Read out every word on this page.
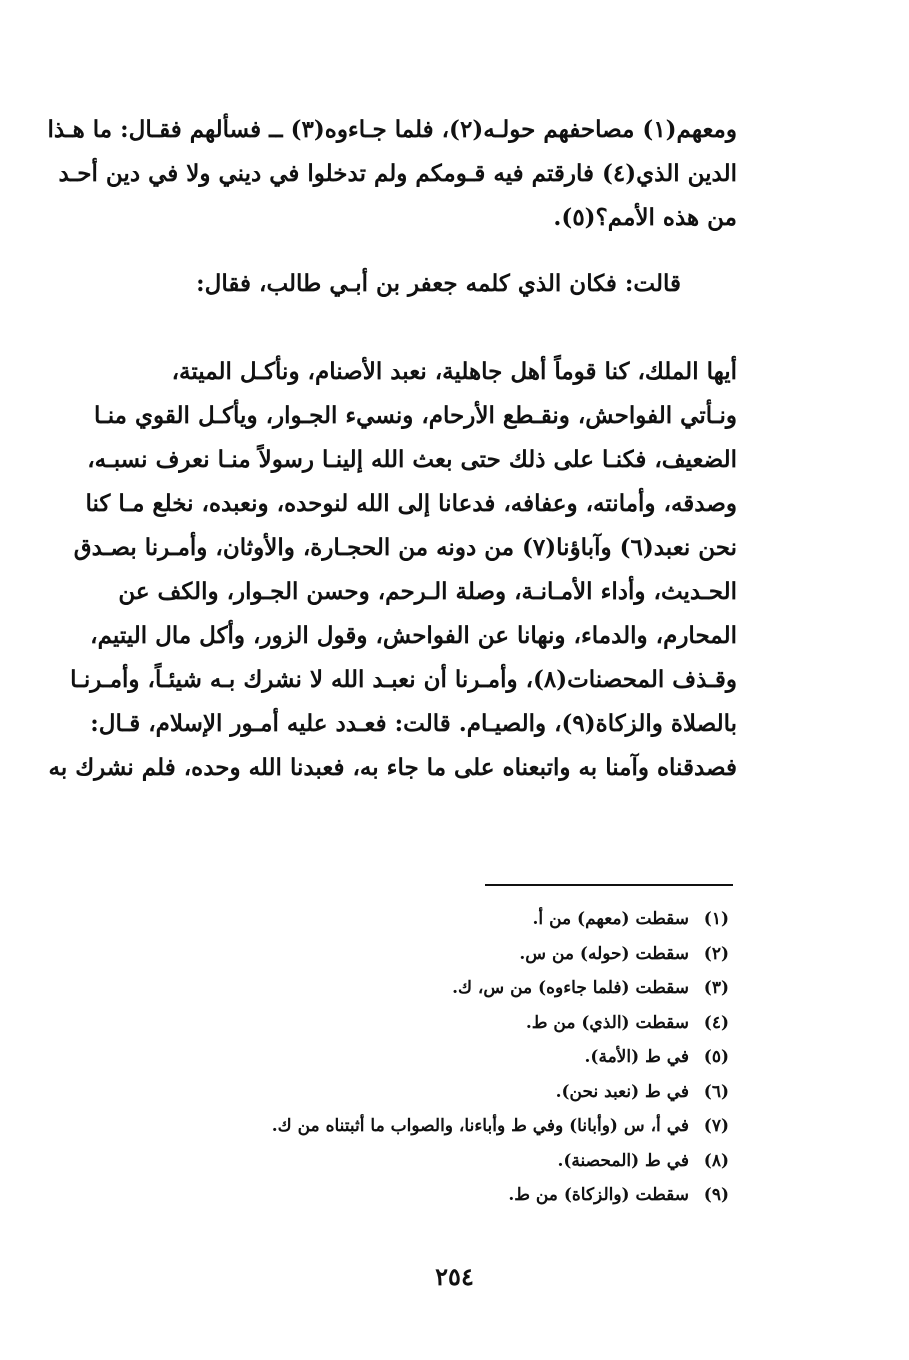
ومعهم(١) مصاحفهم حولـه(٢)، فلما جـاءوه(٣) ــ فسألهم فقـال: ما هـذا
الدين الذي(٤) فارقتم فيه قـومكم ولم تدخلوا في ديني ولا في دين أحـد
من هذه الأمم؟(٥).
قالت: فكان الذي كلمه جعفر بن أبـي طالب، فقال:
أيها الملك، كنا قوماً أهل جاهلية، نعبد الأصنام، ونأكـل الميتة،
ونـأتي الفواحش، ونقـطع الأرحام، ونسيء الجـوار، ويأكـل القوي منـا
الضعيف، فكنـا على ذلك حتى بعث الله إلينـا رسولاً منـا نعرف نسبـه،
وصدقه، وأمانته، وعفافه، فدعانا إلى الله لنوحده، ونعبده، نخلع مـا كنا
نحن نعبد(٦) وآباؤنا(٧) من دونه من الحجـارة، والأوثان، وأمـرنا بصـدق
الحـديث، وأداء الأمـانـة، وصلة الـرحم، وحسن الجـوار، والكف عن
المحارم، والدماء، ونهانا عن الفواحش، وقول الزور، وأكل مال اليتيم،
وقـذف المحصنات(٨)، وأمـرنا أن نعبـد الله لا نشرك بـه شيئـاً، وأمـرنـا
بالصلاة والزكاة(٩)، والصيـام. قالت: فعـدد عليه أمـور الإسلام، قـال:
فصدقناه وآمنا به واتبعناه على ما جاء به، فعبدنا الله وحده، فلم نشرك به
(١)سقطت (معهم) من أ.
(٢)سقطت (حوله) من س.
(٣)سقطت (فلما جاءوه) من س، ك.
(٤)سقطت (الذي) من ط.
(٥)في ط (الأمة).
(٦)في ط (نعبد نحن).
(٧)في أ، س (وأبانا) وفي ط وأباءنا، والصواب ما أثبتناه من ك.
(٨)في ط (المحصنة).
(٩)سقطت (والزكاة) من ط.
٢٥٤
